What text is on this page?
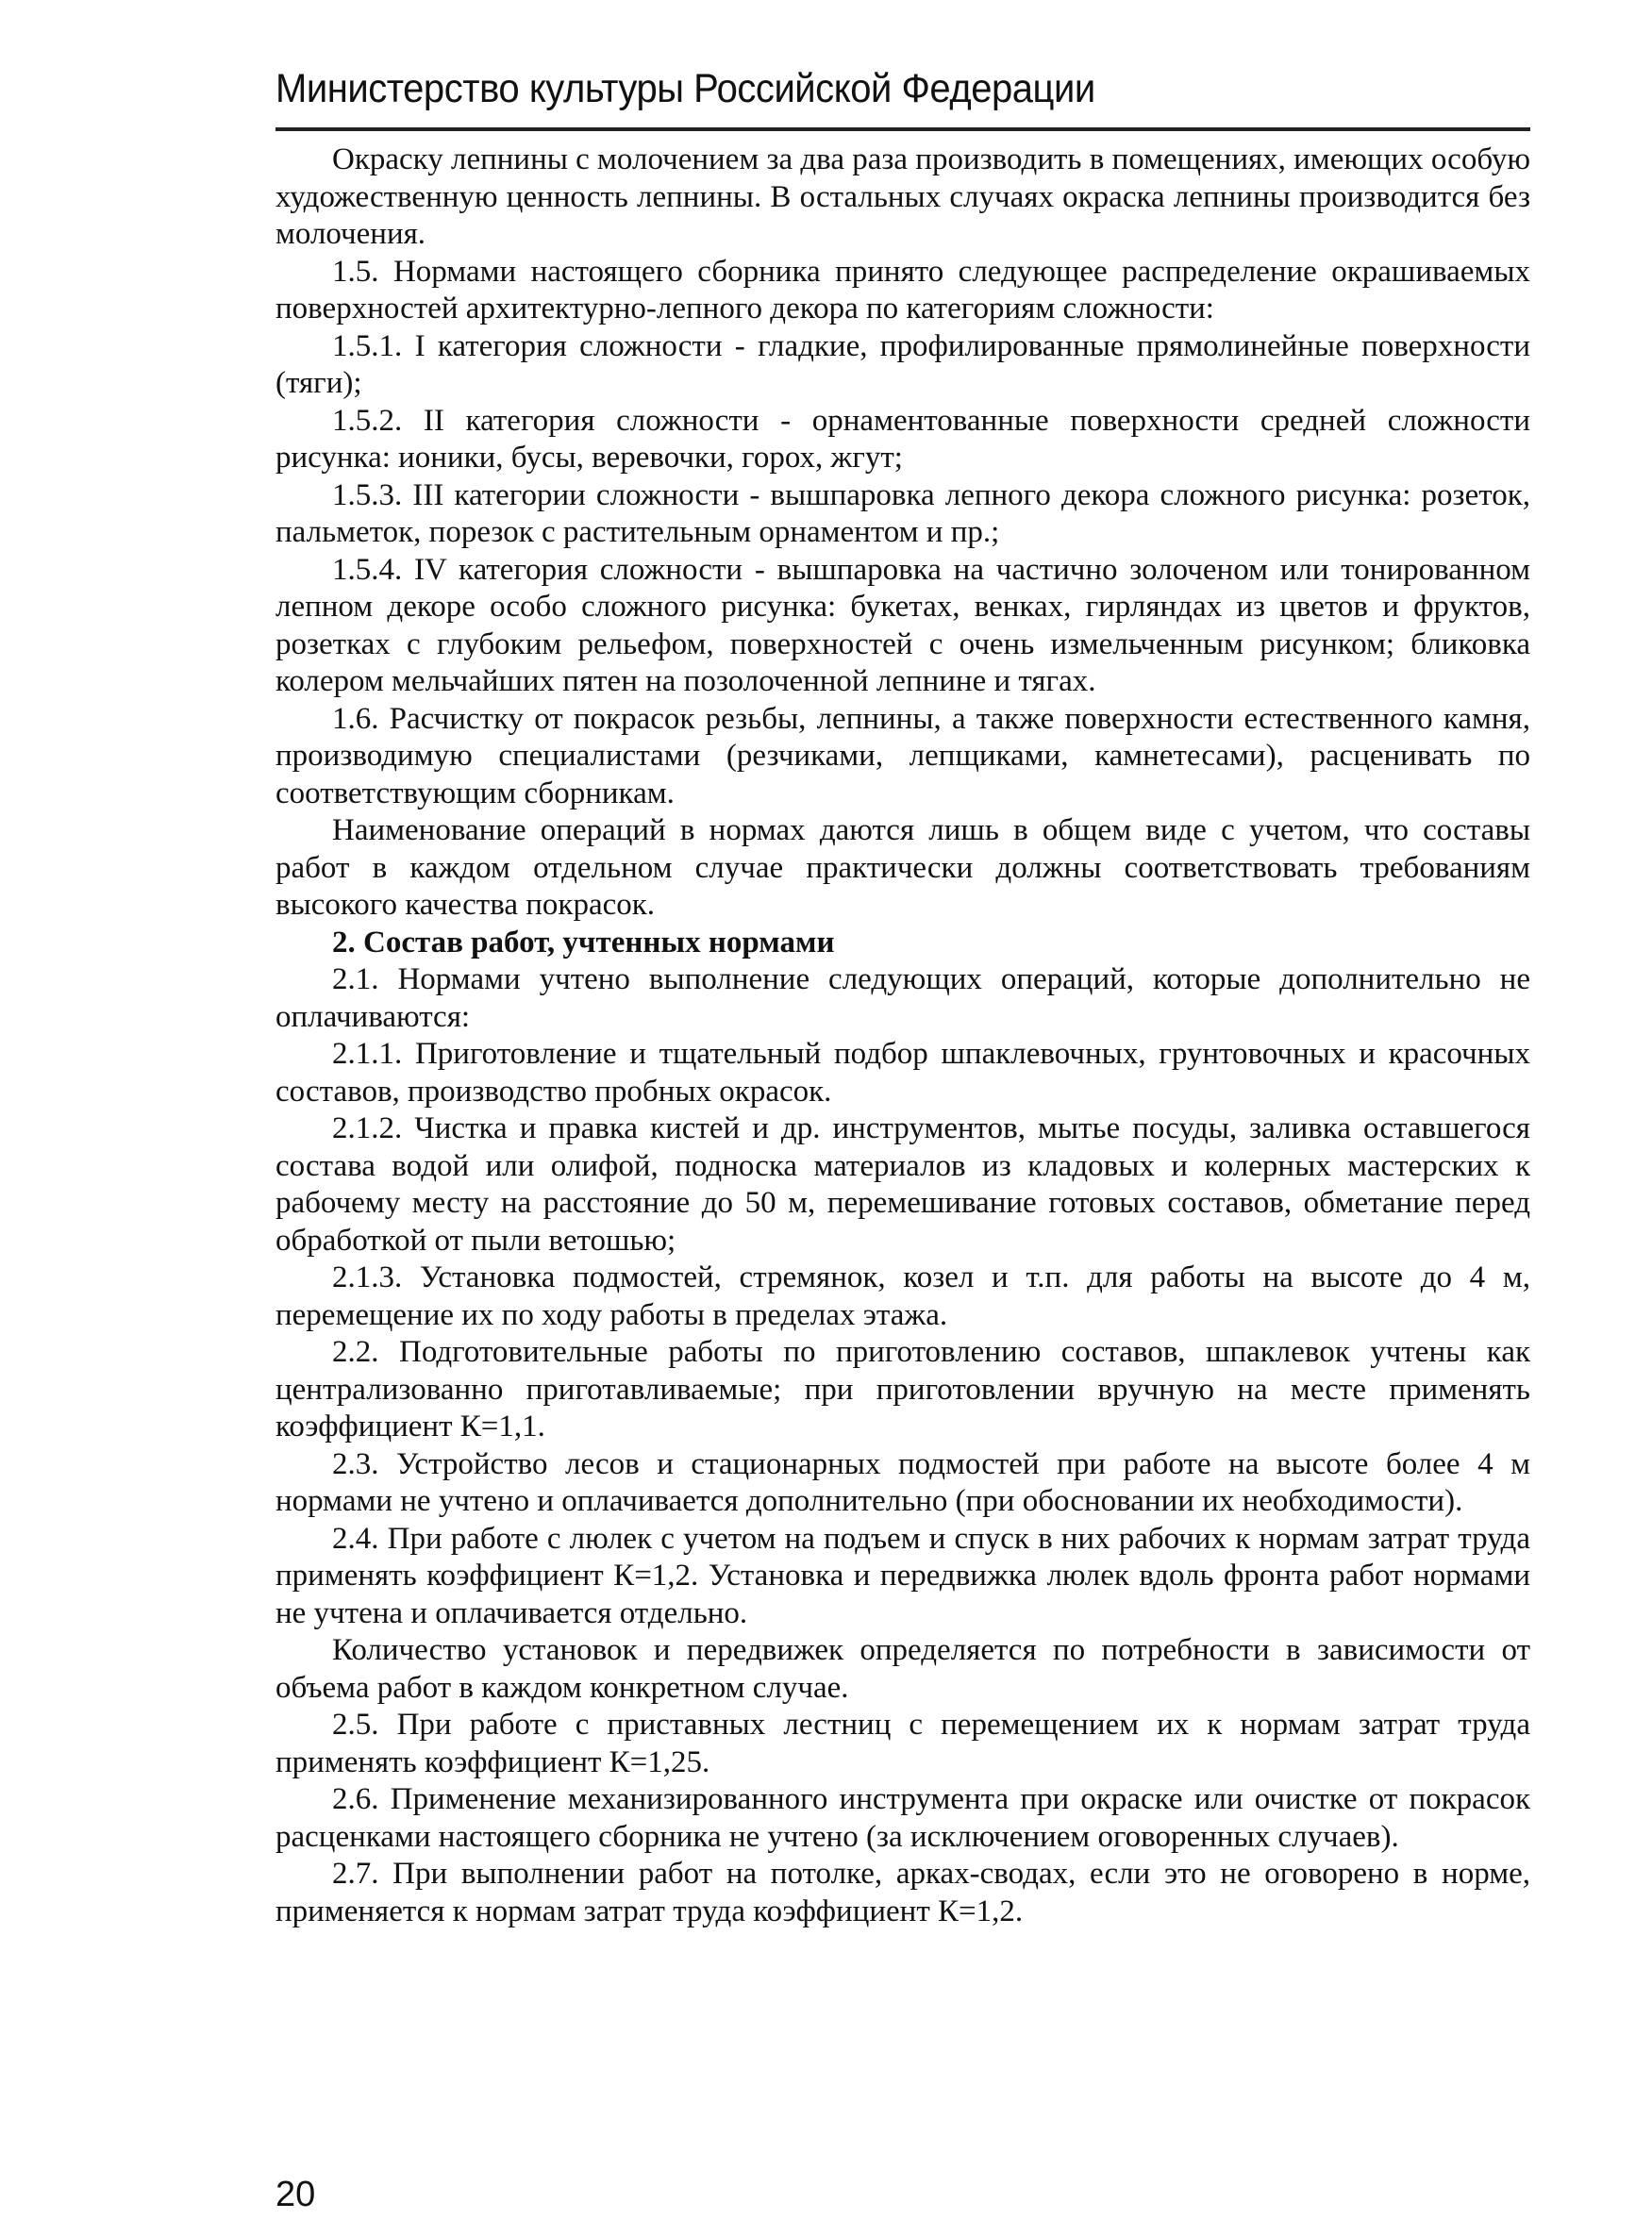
Министерство культуры Российской Федерации

Окраску лепнины с молочением за два раза производить в помещениях, имеющих особую художественную ценность лепнины. В остальных случаях окраска лепнины производится без молочения.

1.5. Нормами настоящего сборника принято следующее распределение окрашиваемых поверхностей архитектурно-лепного декора по категориям сложности:

1.5.1. I категория сложности - гладкие, профилированные прямолинейные поверхности (тяги);

1.5.2. II категория сложности - орнаментованные поверхности средней сложности рисунка: ионики, бусы, веревочки, горох, жгут;

1.5.3. III категории сложности - вышпаровка лепного декора сложного рисунка: розеток, пальметок, порезок с растительным орнаментом и пр.;

1.5.4. IV категория сложности - вышпаровка на частично золоченом или тонированном лепном декоре особо сложного рисунка: букетах, венках, гирляндах из цветов и фруктов, розетках с глубоким рельефом, поверхностей с очень измельченным рисунком; бликовка колером мельчайших пятен на позолоченной лепнине и тягах.

1.6. Расчистку от покрасок резьбы, лепнины, а также поверхности естественного камня, производимую специалистами (резчиками, лепщиками, камнетесами), расценивать по соответствующим сборникам.

Наименование операций в нормах даются лишь в общем виде с учетом, что составы работ в каждом отдельном случае практически должны соответствовать требованиям высокого качества покрасок.

2. Состав работ, учтенных нормами

2.1. Нормами учтено выполнение следующих операций, которые дополнительно не оплачиваются:

2.1.1. Приготовление и тщательный подбор шпаклевочных, грунтовочных и красочных составов, производство пробных окрасок.

2.1.2. Чистка и правка кистей и др. инструментов, мытье посуды, заливка оставшегося состава водой или олифой, подноска материалов из кладовых и колерных мастерских к рабочему месту на расстояние до 50 м, перемешивание готовых составов, обметание перед обработкой от пыли ветошью;

2.1.3. Установка подмостей, стремянок, козел и т.п. для работы на высоте до 4 м, перемещение их по ходу работы в пределах этажа.

2.2. Подготовительные работы по приготовлению составов, шпаклевок учтены как централизованно приготавливаемые; при приготовлении вручную на месте применять коэффициент К=1,1.

2.3. Устройство лесов и стационарных подмостей при работе на высоте более 4 м нормами не учтено и оплачивается дополнительно (при обосновании их необходимости).

2.4. При работе с люлек с учетом на подъем и спуск в них рабочих к нормам затрат труда применять коэффициент К=1,2. Установка и передвижка люлек вдоль фронта работ нормами не учтена и оплачивается отдельно.

Количество установок и передвижек определяется по потребности в зависимости от объема работ в каждом конкретном случае.

2.5. При работе с приставных лестниц с перемещением их к нормам затрат труда применять коэффициент К=1,25.

2.6. Применение механизированного инструмента при окраске или очистке от покрасок расценками настоящего сборника не учтено (за исключением оговоренных случаев).

2.7. При выполнении работ на потолке, арках-сводах, если это не оговорено в норме, применяется к нормам затрат труда коэффициент К=1,2.

20
